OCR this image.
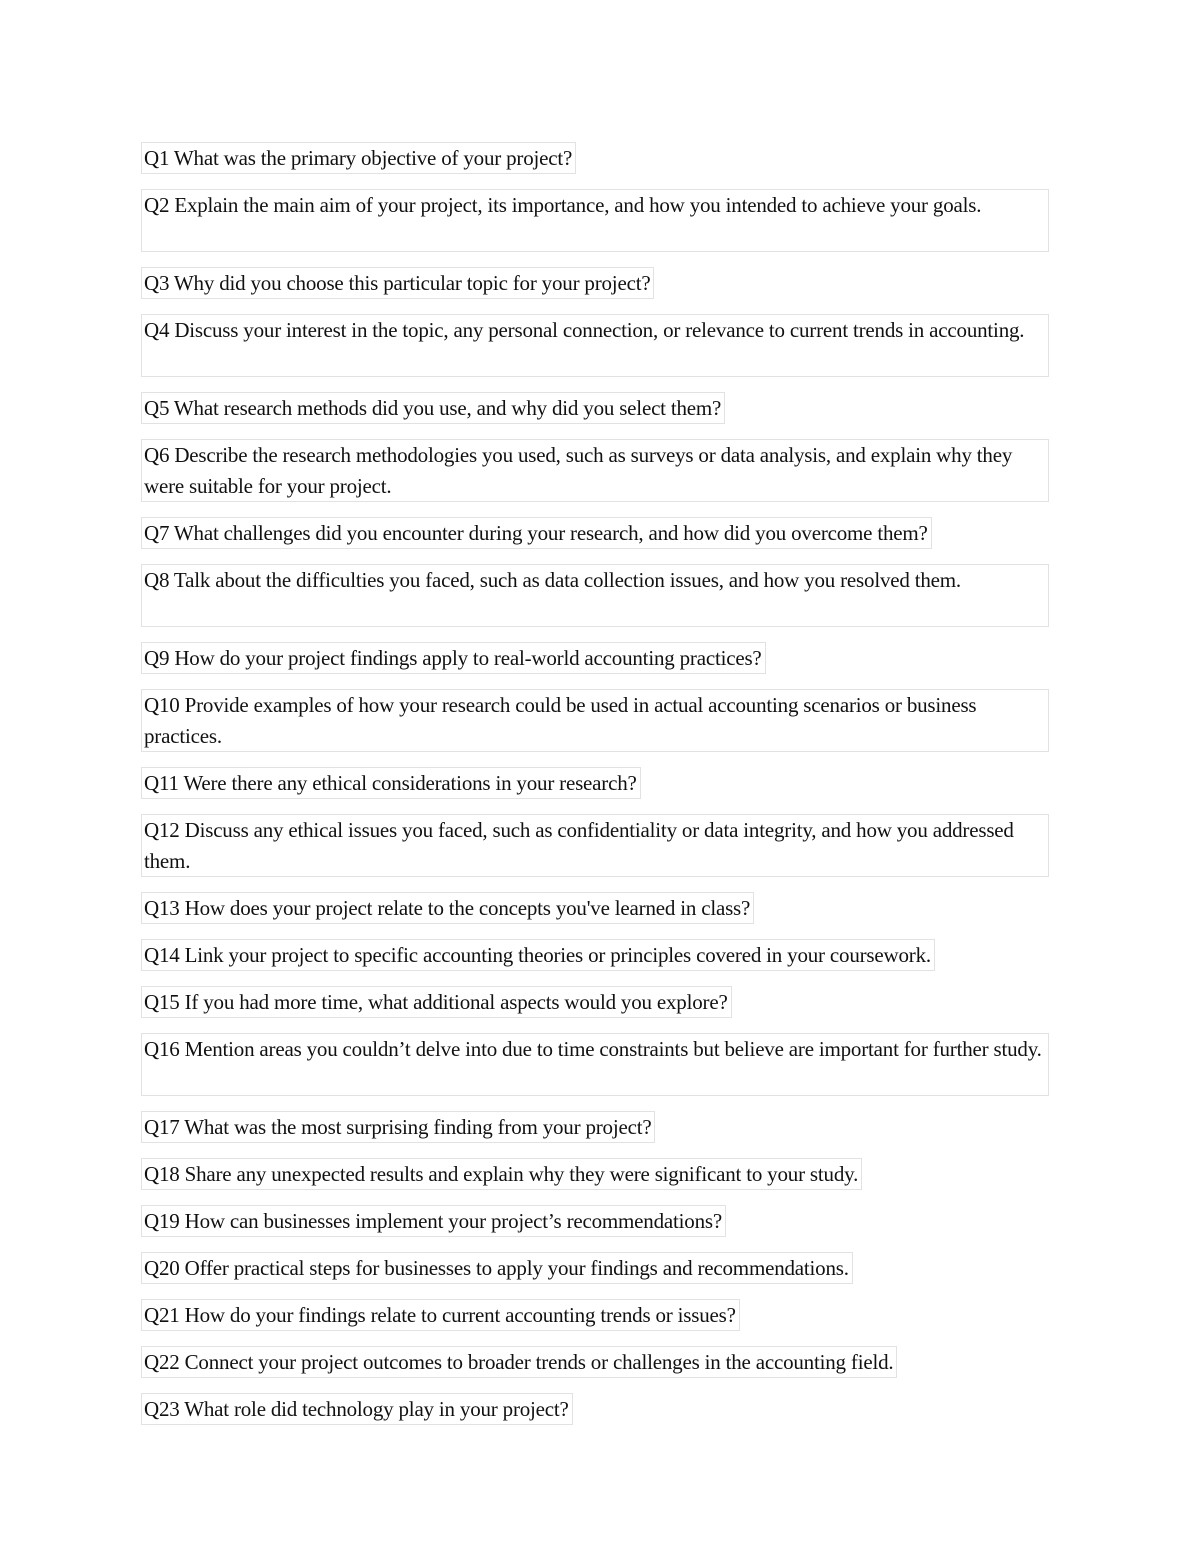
Q1 What was the primary objective of your project?
Q2 Explain the main aim of your project, its importance, and how you intended to achieve your goals.
Q3 Why did you choose this particular topic for your project?
Q4 Discuss your interest in the topic, any personal connection, or relevance to current trends in accounting.
Q5 What research methods did you use, and why did you select them?
Q6 Describe the research methodologies you used, such as surveys or data analysis, and explain why they were suitable for your project.
Q7 What challenges did you encounter during your research, and how did you overcome them?
Q8 Talk about the difficulties you faced, such as data collection issues, and how you resolved them.
Q9 How do your project findings apply to real-world accounting practices?
Q10 Provide examples of how your research could be used in actual accounting scenarios or business practices.
Q11 Were there any ethical considerations in your research?
Q12 Discuss any ethical issues you faced, such as confidentiality or data integrity, and how you addressed them.
Q13 How does your project relate to the concepts you've learned in class?
Q14 Link your project to specific accounting theories or principles covered in your coursework.
Q15 If you had more time, what additional aspects would you explore?
Q16 Mention areas you couldn’t delve into due to time constraints but believe are important for further study.
Q17 What was the most surprising finding from your project?
Q18 Share any unexpected results and explain why they were significant to your study.
Q19 How can businesses implement your project’s recommendations?
Q20 Offer practical steps for businesses to apply your findings and recommendations.
Q21 How do your findings relate to current accounting trends or issues?
Q22 Connect your project outcomes to broader trends or challenges in the accounting field.
Q23 What role did technology play in your project?
